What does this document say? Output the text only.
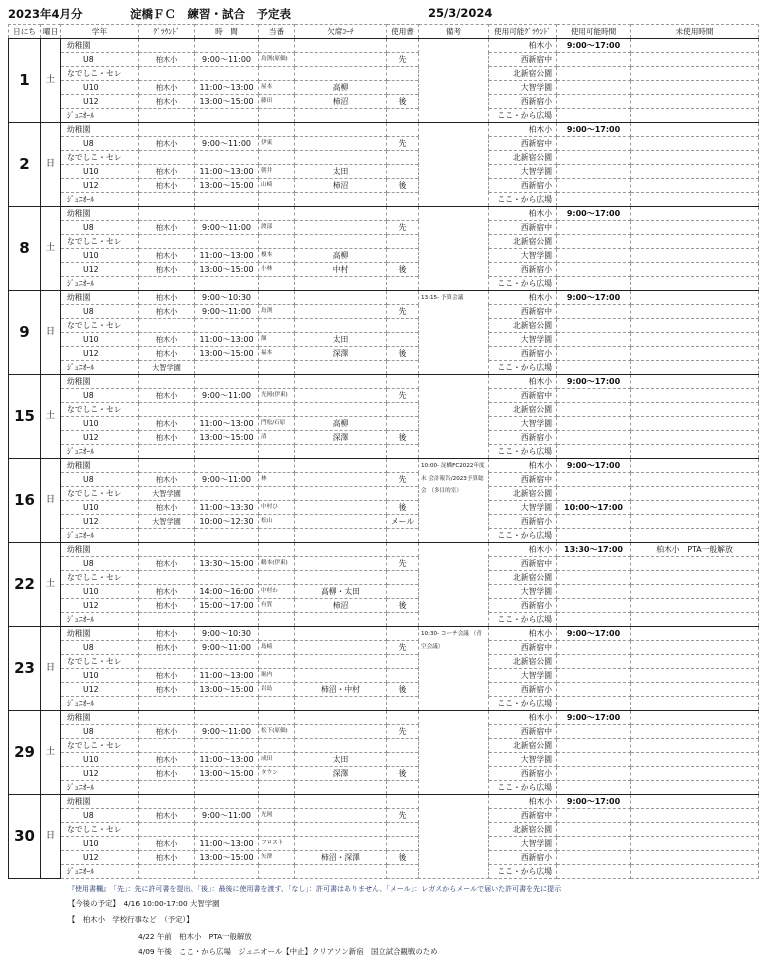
2023年4月分	淀橋ＦＣ　練習・試合　予定表	25/3/2024
日にち	曜日	学年	ｸﾞﾗｳﾝﾄﾞ	時　間	当番	欠席ｺｰﾁ	使用書	備考	使用可能ｸﾞﾗｳﾝﾄﾞ	使用可能時間	未使用時間
1	土	幼稚園							柏木小	9:00〜17:00	
		U8	柏木小	9:00〜11:00	鳥渕(原価)		先		西新宿中		
		なでしこ・セレ							北新宿公園		
		U10	柏木小	11:00〜13:00	屋本	高柳			大智学園		
		U12	柏木小	13:00〜15:00	藤田	柿沼	後		西新宿小		
		ｼﾞｭﾆｵｰﾙ							ここ・から広場		
2	日	幼稚園							柏木小	9:00〜17:00	
		U8	柏木小	9:00〜11:00	伊東		先		西新宿中		
		なでしこ・セレ							北新宿公園		
		U10	柏木小	11:00〜13:00	朝井	太田			大智学園		
		U12	柏木小	13:00〜15:00	山崎	柿沼	後		西新宿小		
		ｼﾞｭﾆｵｰﾙ							ここ・から広場		
8	土	幼稚園							柏木小	9:00〜17:00	
		U8	柏木小	9:00〜11:00	渡部		先		西新宿中		
		なでしこ・セレ							北新宿公園		
		U10	柏木小	11:00〜13:00	榎本	高柳			大智学園		
		U12	柏木小	13:00〜15:00	小林	中村	後		西新宿小		
		ｼﾞｭﾆｵｰﾙ							ここ・から広場		
9	日	幼稚園	柏木小	9:00〜10:30				13:15- 予算会議	柏木小	9:00〜17:00	
		U8	柏木小	9:00〜11:00	鳥渕		先		西新宿中		
		なでしこ・セレ							北新宿公園		
		U10	柏木小	11:00〜13:00	額	太田			大智学園		
		U12	柏木小	13:00〜15:00	福本	深澤	後		西新宿小		
		ｼﾞｭﾆｵｰﾙ	大智学園						ここ・から広場		
15	土	幼稚園							柏木小	9:00〜17:00	
		U8	柏木小	9:00〜11:00	光岡(伊東)		先		西新宿中		
		なでしこ・セレ							北新宿公園		
		U10	柏木小	11:00〜13:00	門松/石原	高柳			大智学園		
		U12	柏木小	13:00〜15:00	清	深澤	後		西新宿小		
		ｼﾞｭﾆｵｰﾙ							ここ・から広場		
16	日	幼稚園						10:00- 淀橋FC2022年度末 会計報告/2023予算総会 （多目的室）	柏木小	9:00〜17:00	
		U8	柏木小	9:00〜11:00	林		先		西新宿中		
		なでしこ・セレ	大智学園						北新宿公園		
		U10	柏木小	11:00〜13:30	中村ひ		後		大智学園	10:00〜17:00	
		U12	大智学園	10:00〜12:30	松山		メール		西新宿小		
		ｼﾞｭﾆｵｰﾙ							ここ・から広場		
22	土	幼稚園							柏木小	13:30〜17:00	柏木小　PTA一般解放
		U8	柏木小	13:30〜15:00	鶴本(伊東)		先		西新宿中		
		なでしこ・セレ							北新宿公園		
		U10	柏木小	14:00〜16:00	中村わ	高柳・太田			大智学園		
		U12	柏木小	15:00〜17:00	有賀	柿沼	後		西新宿小		
		ｼﾞｭﾆｵｰﾙ							ここ・から広場		
23	日	幼稚園	柏木小	9:00〜10:30				10:30- コーチ会議 （青空会議）	柏木小	9:00〜17:00	
		U8	柏木小	9:00〜11:00	島崎		先		西新宿中		
		なでしこ・セレ							北新宿公園		
		U10	柏木小	11:00〜13:00	堀内				大智学園		
		U12	柏木小	13:00〜15:00	岩島	柿沼・中村	後		西新宿小		
		ｼﾞｭﾆｵｰﾙ							ここ・から広場		
29	土	幼稚園							柏木小	9:00〜17:00	
		U8	柏木小	9:00〜11:00	松下(原価)		先		西新宿中		
		なでしこ・セレ							北新宿公園		
		U10	柏木小	11:00〜13:00	成田	太田			大智学園		
		U12	柏木小	13:00〜15:00	タウン	深澤	後		西新宿小		
		ｼﾞｭﾆｵｰﾙ							ここ・から広場		
30	日	幼稚園							柏木小	9:00〜17:00	
		U8	柏木小	9:00〜11:00	光岡		先		西新宿中		
		なでしこ・セレ							北新宿公園		
		U10	柏木小	11:00〜13:00	フロスト				大智学園		
		U12	柏木小	13:00〜15:00	矢澤	柿沼・深澤	後		西新宿小		
		ｼﾞｭﾆｵｰﾙ							ここ・から広場		
『使用書欄』　「先」：先に許可書を提出、「後」：最後に使用書を渡す、「なし」：許可書はありません、「メール」：レガスからメールで届いた許可書を先に提示
【今後の予定】　 4/16 10:00-17:00 大智学園
【　柏木小　学校行事など　（予定）】
4/22 午前　柏木小　PTA一般解放
4/09 午後　ここ・から広場　ジュニオール【中止】クリアソン新宿　国立試合観戦のため
